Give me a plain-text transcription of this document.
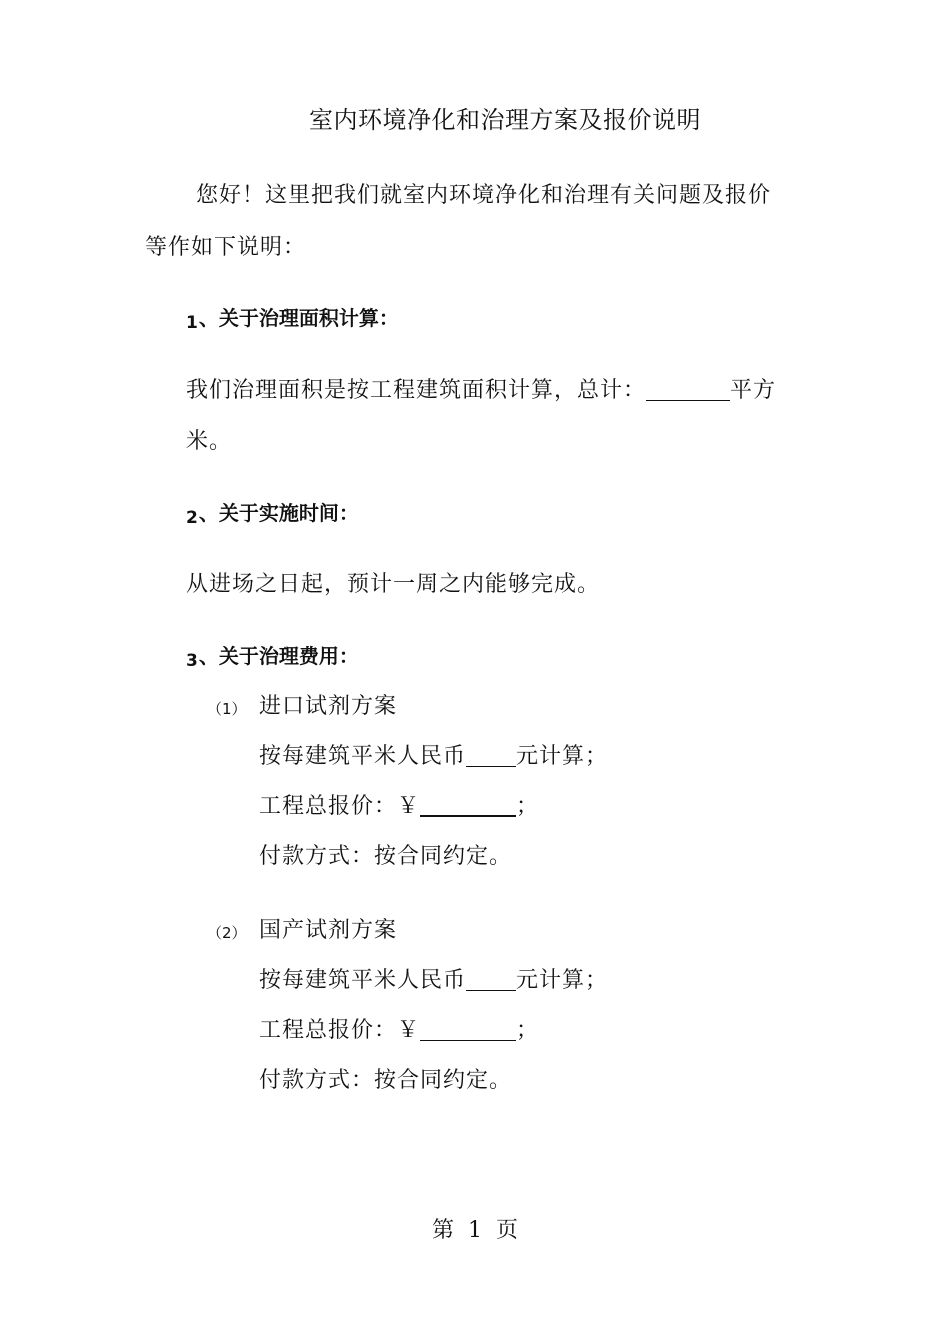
室内环境净化和治理方案及报价说明
您好！这里把我们就室内环境净化和治理有关问题及报价
等作如下说明：
1、关于治理面积计算：
我们治理面积是按工程建筑面积计算，总计：	平方
米。
2、关于实施时间：
从进场之日起，预计一周之内能够完成。
3、关于治理费用：
（1） 进口试剂方案
按每建筑平米人民币 元计算；
工程总报价：￥	；
付款方式：按合同约定。
（2） 国产试剂方案
按每建筑平米人民币 元计算；
工程总报价：￥	；
付款方式：按合同约定。
第  1  页
